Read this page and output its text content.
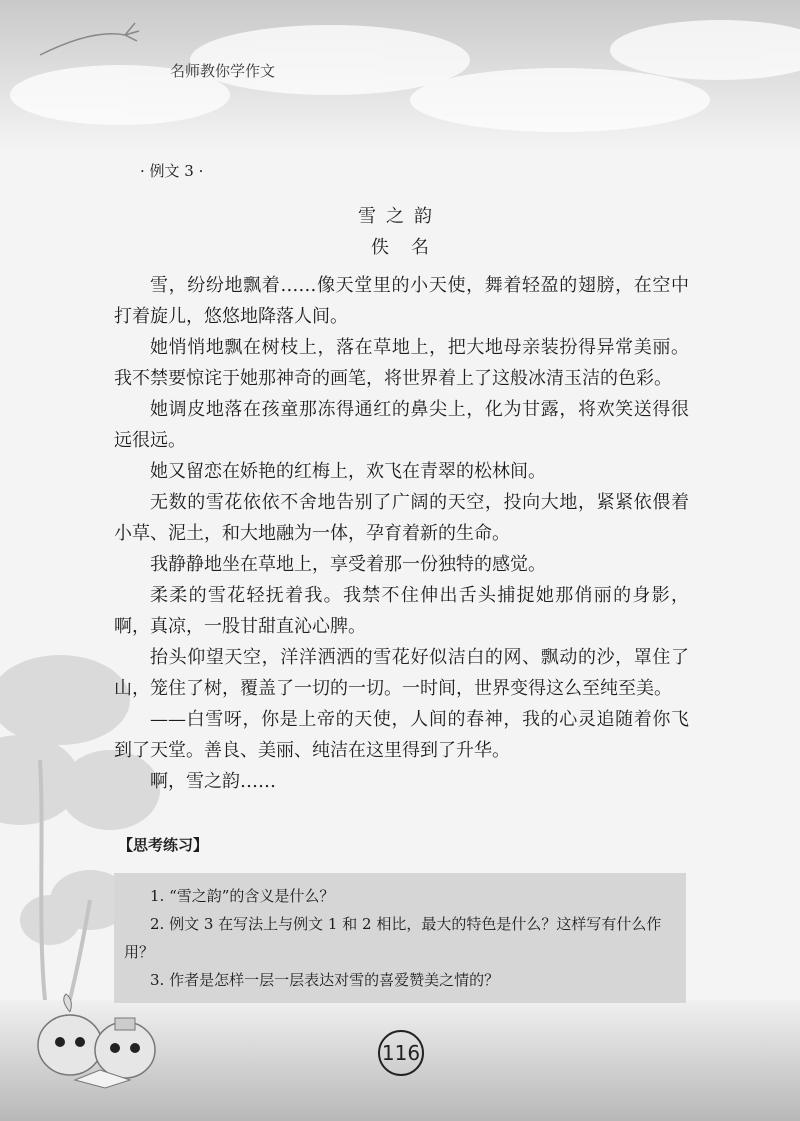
名师教你学作文
· 例文 3 ·
雪之韵
佚名

雪，纷纷地飘着……像天堂里的小天使，舞着轻盈的翅膀，在空中打着旋儿，悠悠地降落人间。

她悄悄地飘在树枝上，落在草地上，把大地母亲装扮得异常美丽。我不禁要惊诧于她那神奇的画笔，将世界着上了这般冰清玉洁的色彩。

她调皮地落在孩童那冻得通红的鼻尖上，化为甘露，将欢笑送得很远很远。

她又留恋在娇艳的红梅上，欢飞在青翠的松林间。

无数的雪花依依不舍地告别了广阔的天空，投向大地，紧紧依偎着小草、泥土，和大地融为一体，孕育着新的生命。

我静静地坐在草地上，享受着那一份独特的感觉。

柔柔的雪花轻抚着我。我禁不住伸出舌头捕捉她那俏丽的身影，啊，真凉，一股甘甜直沁心脾。

抬头仰望天空，洋洋洒洒的雪花好似洁白的网、飘动的沙，罩住了山，笼住了树，覆盖了一切的一切。一时间，世界变得这么至纯至美。

——白雪呀，你是上帝的天使，人间的春神，我的心灵追随着你飞到了天堂。善良、美丽、纯洁在这里得到了升华。

啊，雪之韵……

【思考练习】

1. “雪之韵”的含义是什么？

2. 例文 3 在写法上与例文 1 和 2 相比，最大的特色是什么？这样写有什么作用？

3. 作者是怎样一层一层表达对雪的喜爱赞美之情的？

116
